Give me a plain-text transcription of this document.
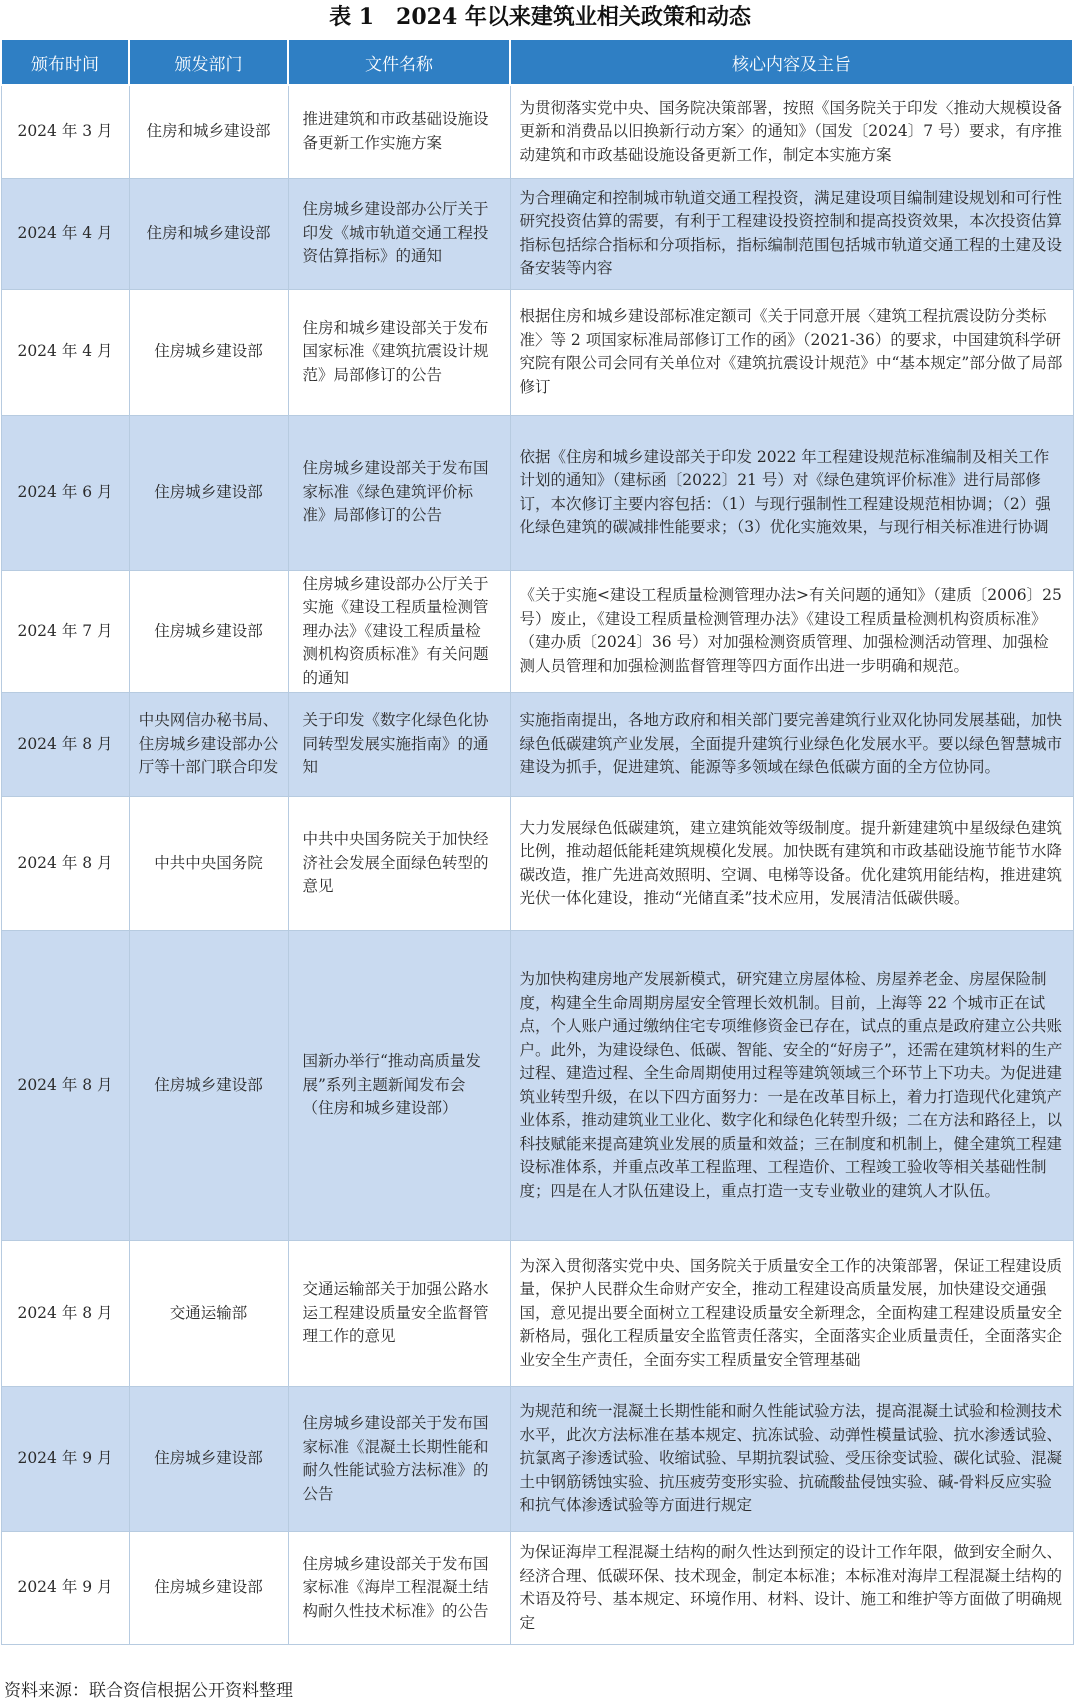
表 1　2024 年以来建筑业相关政策和动态
颁布时间	颁发部门	文件名称	核心内容及主旨
2024 年 3 月	住房和城乡建设部	推进建筑和市政基础设施设备更新工作实施方案	为贯彻落实党中央、国务院决策部署，按照《国务院关于印发〈推动大规模设备更新和消费品以旧换新行动方案〉的通知》（国发〔2024〕7 号）要求，有序推动建筑和市政基础设施设备更新工作，制定本实施方案
2024 年 4 月	住房和城乡建设部	住房城乡建设部办公厅关于印发《城市轨道交通工程投资估算指标》的通知	为合理确定和控制城市轨道交通工程投资，满足建设项目编制建设规划和可行性研究投资估算的需要，有利于工程建设投资控制和提高投资效果，本次投资估算指标包括综合指标和分项指标，指标编制范围包括城市轨道交通工程的土建及设备安装等内容
2024 年 4 月	住房城乡建设部	住房和城乡建设部关于发布国家标准《建筑抗震设计规范》局部修订的公告	根据住房和城乡建设部标准定额司《关于同意开展〈建筑工程抗震设防分类标准〉等 2 项国家标准局部修订工作的函》（2021-36）的要求，中国建筑科学研究院有限公司会同有关单位对《建筑抗震设计规范》中“基本规定”部分做了局部修订
2024 年 6 月	住房城乡建设部	住房城乡建设部关于发布国家标准《绿色建筑评价标准》局部修订的公告	依据《住房和城乡建设部关于印发 2022 年工程建设规范标准编制及相关工作计划的通知》（建标函〔2022〕21 号）对《绿色建筑评价标准》进行局部修订，本次修订主要内容包括：（1）与现行强制性工程建设规范相协调；（2）强化绿色建筑的碳减排性能要求；（3）优化实施效果，与现行相关标准进行协调
2024 年 7 月	住房城乡建设部	住房城乡建设部办公厅关于实施《建设工程质量检测管理办法》《建设工程质量检测机构资质标准》有关问题的通知	《关于实施<建设工程质量检测管理办法>有关问题的通知》（建质〔2006〕25 号）废止，《建设工程质量检测管理办法》《建设工程质量检测机构资质标准》（建办质〔2024〕36 号）对加强检测资质管理、加强检测活动管理、加强检测人员管理和加强检测监督管理等四方面作出进一步明确和规范。
2024 年 8 月	中央网信办秘书局、住房城乡建设部办公厅等十部门联合印发	关于印发《数字化绿色化协同转型发展实施指南》的通知	实施指南提出，各地方政府和相关部门要完善建筑行业双化协同发展基础，加快绿色低碳建筑产业发展，全面提升建筑行业绿色化发展水平。要以绿色智慧城市建设为抓手，促进建筑、能源等多领域在绿色低碳方面的全方位协同。
2024 年 8 月	中共中央国务院	中共中央国务院关于加快经济社会发展全面绿色转型的意见	大力发展绿色低碳建筑，建立建筑能效等级制度。提升新建建筑中星级绿色建筑比例，推动超低能耗建筑规模化发展。加快既有建筑和市政基础设施节能节水降碳改造，推广先进高效照明、空调、电梯等设备。优化建筑用能结构，推进建筑光伏一体化建设，推动“光储直柔”技术应用，发展清洁低碳供暖。
2024 年 8 月	住房城乡建设部	国新办举行“推动高质量发展”系列主题新闻发布会（住房和城乡建设部）	为加快构建房地产发展新模式，研究建立房屋体检、房屋养老金、房屋保险制度，构建全生命周期房屋安全管理长效机制。目前，上海等 22 个城市正在试点，个人账户通过缴纳住宅专项维修资金已存在，试点的重点是政府建立公共账户。此外，为建设绿色、低碳、智能、安全的“好房子”，还需在建筑材料的生产过程、建造过程、全生命周期使用过程等建筑领域三个环节上下功夫。为促进建筑业转型升级，在以下四方面努力：一是在改革目标上，着力打造现代化建筑产业体系，推动建筑业工业化、数字化和绿色化转型升级；二在方法和路径上，以科技赋能来提高建筑业发展的质量和效益；三在制度和机制上，健全建筑工程建设标准体系，并重点改革工程监理、工程造价、工程竣工验收等相关基础性制度；四是在人才队伍建设上，重点打造一支专业敬业的建筑人才队伍。
2024 年 8 月	交通运输部	交通运输部关于加强公路水运工程建设质量安全监督管理工作的意见	为深入贯彻落实党中央、国务院关于质量安全工作的决策部署，保证工程建设质量，保护人民群众生命财产安全，推动工程建设高质量发展，加快建设交通强国，意见提出要全面树立工程建设质量安全新理念，全面构建工程建设质量安全新格局，强化工程质量安全监管责任落实，全面落实企业质量责任，全面落实企业安全生产责任，全面夯实工程质量安全管理基础
2024 年 9 月	住房城乡建设部	住房城乡建设部关于发布国家标准《混凝土长期性能和耐久性能试验方法标准》的公告	为规范和统一混凝土长期性能和耐久性能试验方法，提高混凝土试验和检测技术水平，此次方法标准在基本规定、抗冻试验、动弹性模量试验、抗水渗透试验、抗氯离子渗透试验、收缩试验、早期抗裂试验、受压徐变试验、碳化试验、混凝土中钢筋锈蚀实验、抗压疲劳变形实验、抗硫酸盐侵蚀实验、碱-骨料反应实验和抗气体渗透试验等方面进行规定
2024 年 9 月	住房城乡建设部	住房城乡建设部关于发布国家标准《海岸工程混凝土结构耐久性技术标准》的公告	为保证海岸工程混凝土结构的耐久性达到预定的设计工作年限，做到安全耐久、经济合理、低碳环保、技术现金，制定本标准；本标准对海岸工程混凝土结构的术语及符号、基本规定、环境作用、材料、设计、施工和维护等方面做了明确规定
资料来源：联合资信根据公开资料整理
